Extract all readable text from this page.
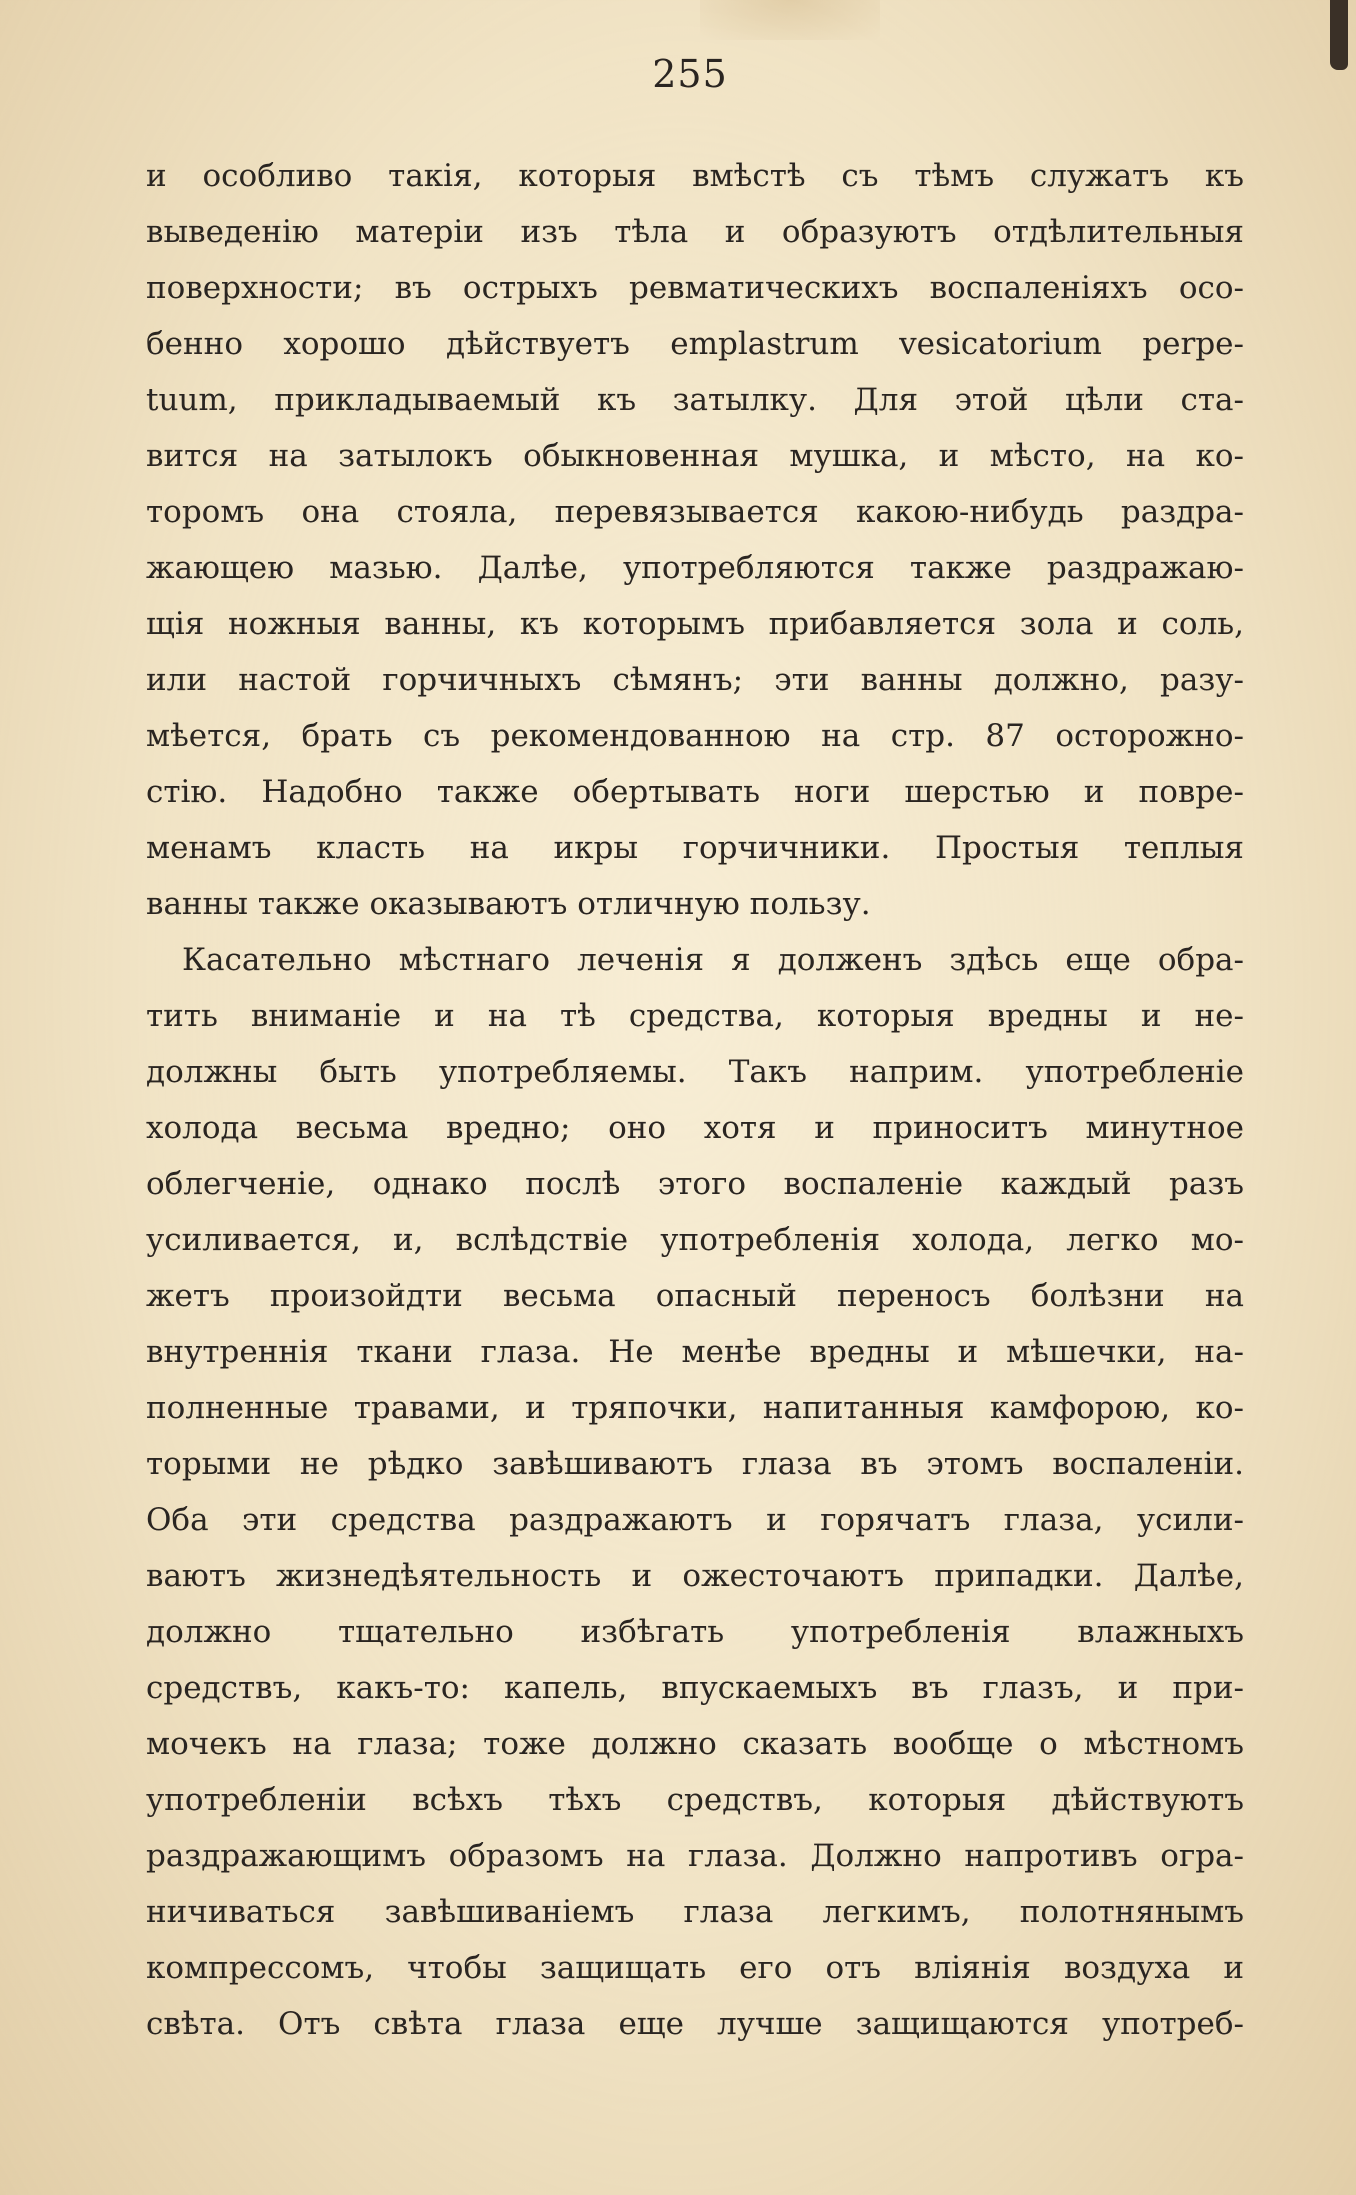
255
и особливо такія, которыя вмѣстѣ съ тѣмъ служатъ къ
выведенію матеріи изъ тѣла и образуютъ отдѣлительныя
поверхности; въ острыхъ ревматическихъ воспаленіяхъ осо-
бенно хорошо дѣйствуетъ emplastrum vesicatorium perpe-
tuum, прикладываемый къ затылку. Для этой цѣли ста-
вится на затылокъ обыкновенная мушка, и мѣсто, на ко-
торомъ она стояла, перевязывается какою-нибудь раздра-
жающею мазью. Далѣе, употребляются также раздражаю-
щія ножныя ванны, къ которымъ прибавляется зола и соль,
или настой горчичныхъ сѣмянъ; эти ванны должно, разу-
мѣется, брать съ рекомендованною на стр. 87 осторожно-
стію. Надобно также обертывать ноги шерстью и повре-
менамъ класть на икры горчичники. Простыя теплыя
ванны также оказываютъ отличную пользу.
Касательно мѣстнаго леченія я долженъ здѣсь еще обра-
тить вниманіе и на тѣ средства, которыя вредны и не-
должны быть употребляемы. Такъ наприм. употребленіе
холода весьма вредно; оно хотя и приноситъ минутное
облегченіе, однако послѣ этого воспаленіе каждый разъ
усиливается, и, вслѣдствіе употребленія холода, легко мо-
жетъ произойдти весьма опасный переносъ болѣзни на
внутреннія ткани глаза. Не менѣе вредны и мѣшечки, на-
полненные травами, и тряпочки, напитанныя камфорою, ко-
торыми не рѣдко завѣшиваютъ глаза въ этомъ воспаленіи.
Оба эти средства раздражаютъ и горячатъ глаза, усили-
ваютъ жизнедѣятельность и ожесточаютъ припадки. Далѣе,
должно тщательно избѣгать употребленія влажныхъ
средствъ, какъ-то: капель, впускаемыхъ въ глазъ, и при-
мочекъ на глаза; тоже должно сказать вообще о мѣстномъ
употребленіи всѣхъ тѣхъ средствъ, которыя дѣйствуютъ
раздражающимъ образомъ на глаза. Должно напротивъ огра-
ничиваться завѣшиваніемъ глаза легкимъ, полотнянымъ
компрессомъ, чтобы защищать его отъ вліянія воздуха и
свѣта. Отъ свѣта глаза еще лучше защищаются употреб-
